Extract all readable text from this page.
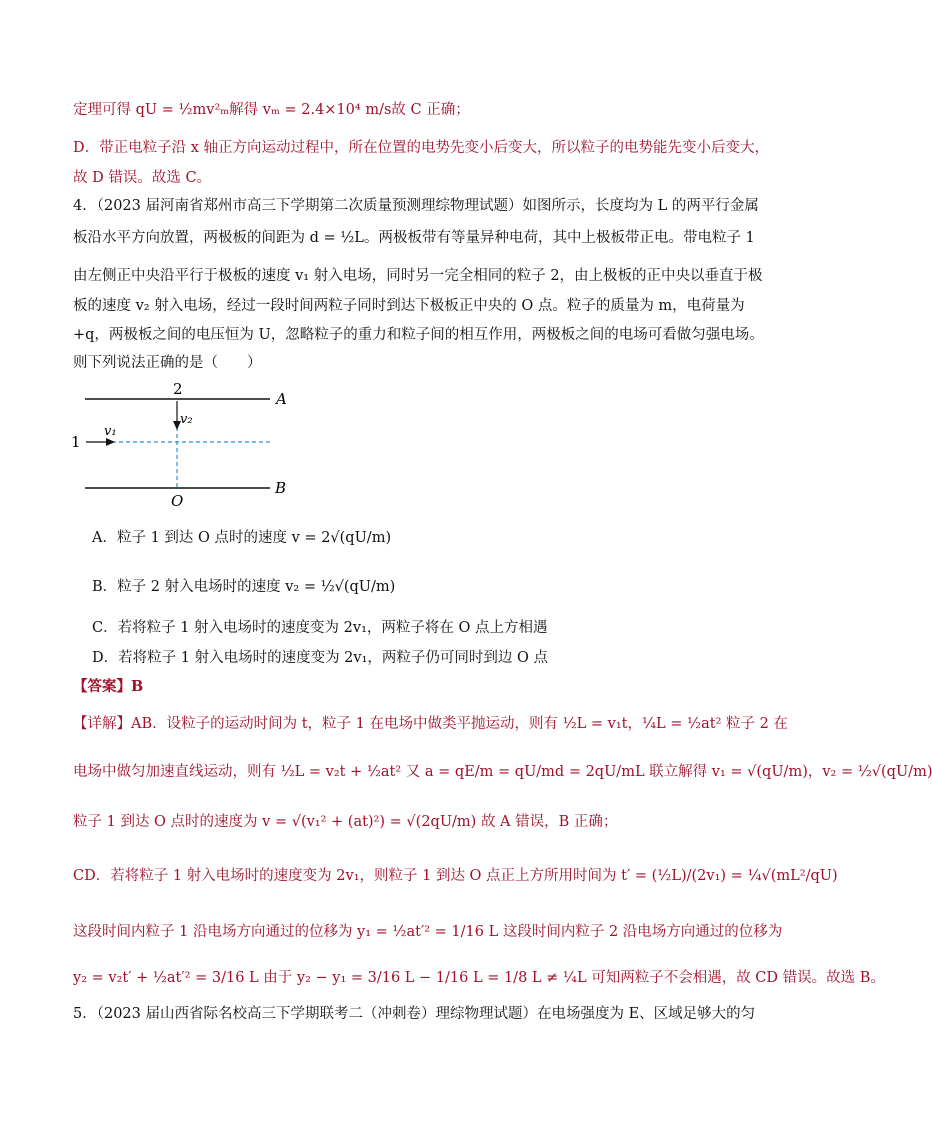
定理可得 qU = ½mv²ₘ解得 vₘ = 2.4×10⁴ m/s故 C 正确；
D．带正电粒子沿 x 轴正方向运动过程中，所在位置的电势先变小后变大，所以粒子的电势能先变小后变大，
故 D 错误。故选 C。
4．（2023 届河南省郑州市高三下学期第二次质量预测理综物理试题）如图所示，长度均为 L 的两平行金属
板沿水平方向放置，两极板的间距为 d = ½L。两极板带有等量异种电荷，其中上极板带正电。带电粒子 1
由左侧正中央沿平行于极板的速度 v₁ 射入电场，同时另一完全相同的粒子 2，由上极板的正中央以垂直于极
板的速度 v₂ 射入电场，经过一段时间两粒子同时到达下极板正中央的 O 点。粒子的质量为 m，电荷量为
+q，两极板之间的电压恒为 U，忽略粒子的重力和粒子间的相互作用，两极板之间的电场可看做匀强电场。
则下列说法正确的是（　　）
2
A
B
O
1
v₁
v₂
A．粒子 1 到达 O 点时的速度 v = 2√(qU/m)
B．粒子 2 射入电场时的速度 v₂ = ½√(qU/m)
C．若将粒子 1 射入电场时的速度变为 2v₁，两粒子将在 O 点上方相遇
D．若将粒子 1 射入电场时的速度变为 2v₁，两粒子仍可同时到边 O 点
【答案】B
【详解】AB．设粒子的运动时间为 t，粒子 1 在电场中做类平抛运动，则有 ½L = v₁t，¼L = ½at² 粒子 2 在
电场中做匀加速直线运动，则有 ½L = v₂t + ½at² 又 a = qE/m = qU/md = 2qU/mL 联立解得 v₁ = √(qU/m)，v₂ = ½√(qU/m)
粒子 1 到达 O 点时的速度为 v = √(v₁² + (at)²) = √(2qU/m) 故 A 错误，B 正确；
CD．若将粒子 1 射入电场时的速度变为 2v₁，则粒子 1 到达 O 点正上方所用时间为 t′ = (½L)/(2v₁) = ¼√(mL²/qU)
这段时间内粒子 1 沿电场方向通过的位移为 y₁ = ½at′² = 1/16 L 这段时间内粒子 2 沿电场方向通过的位移为
y₂ = v₂t′ + ½at′² = 3/16 L 由于 y₂ − y₁ = 3/16 L − 1/16 L = 1/8 L ≠ ¼L 可知两粒子不会相遇，故 CD 错误。故选 B。
5．（2023 届山西省际名校高三下学期联考二（冲刺卷）理综物理试题）在电场强度为 E、区域足够大的匀
